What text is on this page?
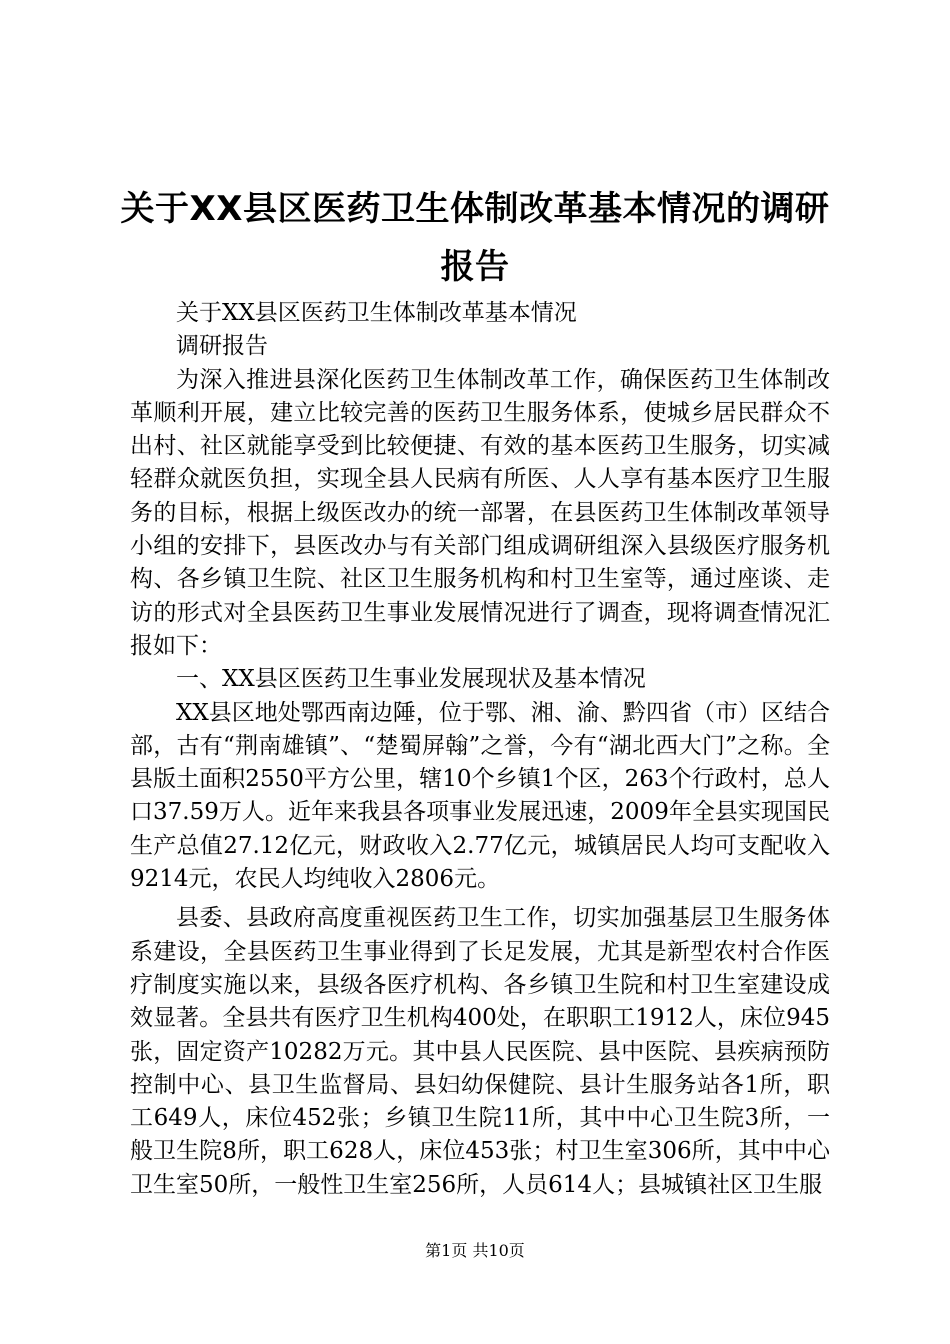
关于XX县区医药卫生体制改革基本情况的调研报告

关于XX县区医药卫生体制改革基本情况

调研报告

为深入推进县深化医药卫生体制改革工作，确保医药卫生体制改革顺利开展，建立比较完善的医药卫生服务体系，使城乡居民群众不出村、社区就能享受到比较便捷、有效的基本医药卫生服务，切实减轻群众就医负担，实现全县人民病有所医、人人享有基本医疗卫生服务的目标，根据上级医改办的统一部署，在县医药卫生体制改革领导小组的安排下，县医改办与有关部门组成调研组深入县级医疗服务机构、各乡镇卫生院、社区卫生服务机构和村卫生室等，通过座谈、走访的形式对全县医药卫生事业发展情况进行了调查，现将调查情况汇报如下：

一、XX县区医药卫生事业发展现状及基本情况

XX县区地处鄂西南边陲，位于鄂、湘、渝、黔四省（市）区结合部，古有“荆南雄镇”、“楚蜀屏翰”之誉，今有“湖北西大门”之称。全县版土面积2550平方公里，辖10个乡镇1个区，263个行政村，总人口37.59万人。近年来我县各项事业发展迅速，2009年全县实现国民生产总值27.12亿元，财政收入2.77亿元，城镇居民人均可支配收入9214元，农民人均纯收入2806元。

县委、县政府高度重视医药卫生工作，切实加强基层卫生服务体系建设，全县医药卫生事业得到了长足发展，尤其是新型农村合作医疗制度实施以来，县级各医疗机构、各乡镇卫生院和村卫生室建设成效显著。全县共有医疗卫生机构400处，在职职工1912人，床位945张，固定资产10282万元。其中县人民医院、县中医院、县疾病预防控制中心、县卫生监督局、县妇幼保健院、县计生服务站各1所，职工649人，床位452张；乡镇卫生院11所，其中中心卫生院3所，一般卫生院8所，职工628人，床位453张；村卫生室306所，其中中心卫生室50所，一般性卫生室256所，人员614人；县城镇社区卫生服

第1页 共10页
